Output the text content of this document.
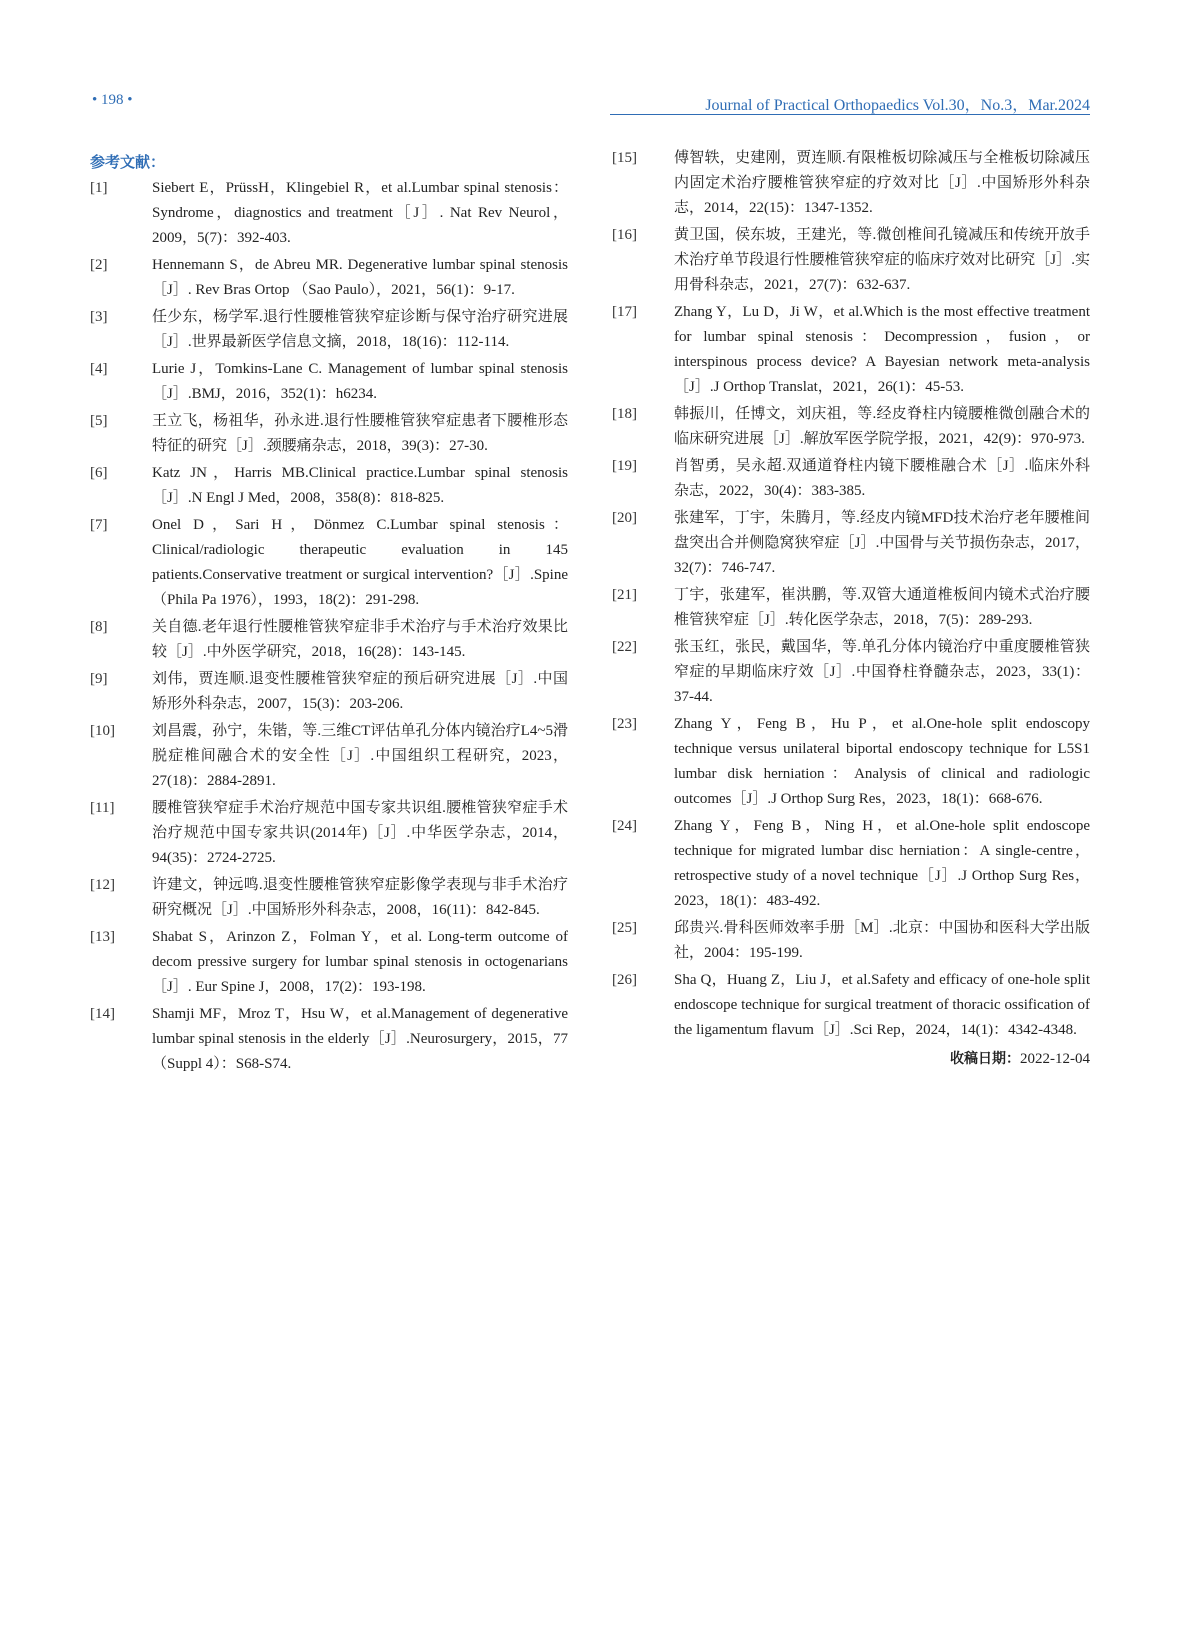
• 198 •	Journal of Practical Orthopaedics Vol.30，No.3，Mar.2024
参考文献：
[1]	Siebert E，PrüssH，Klingebiel R，et al.Lumbar spinal stenosis：Syndrome，diagnostics and treatment［J］. Nat Rev Neurol，2009，5(7)：392-403.
[2]	Hennemann S，de Abreu MR. Degenerative lumbar spinal stenosis［J］. Rev Bras Ortop （Sao Paulo），2021，56(1)：9-17.
[3]	任少东，杨学军.退行性腰椎管狭窄症诊断与保守治疗研究进展［J］.世界最新医学信息文摘，2018，18(16)：112-114.
[4]	Lurie J，Tomkins-Lane C. Management of lumbar spinal stenosis［J］.BMJ，2016，352(1)：h6234.
[5]	王立飞，杨祖华，孙永进.退行性腰椎管狭窄症患者下腰椎形态特征的研究［J］.颈腰痛杂志，2018，39(3)：27-30.
[6]	Katz JN，Harris MB.Clinical practice.Lumbar spinal stenosis［J］.N Engl J Med，2008，358(8)：818-825.
[7]	Onel D，Sari H，Dönmez C.Lumbar spinal stenosis：Clinical/radiologic therapeutic evaluation in 145 patients.Conservative treatment or surgical intervention?［J］.Spine（Phila Pa 1976），1993，18(2)：291-298.
[8]	关自德.老年退行性腰椎管狭窄症非手术治疗与手术治疗效果比较［J］.中外医学研究，2018，16(28)：143-145.
[9]	刘伟，贾连顺.退变性腰椎管狭窄症的预后研究进展［J］.中国矫形外科杂志，2007，15(3)：203-206.
[10]	刘昌震，孙宁，朱锴，等.三维CT评估单孔分体内镜治疗L4~5滑脱症椎间融合术的安全性［J］.中国组织工程研究，2023，27(18)：2884-2891.
[11]	腰椎管狭窄症手术治疗规范中国专家共识组.腰椎管狭窄症手术治疗规范中国专家共识(2014年)［J］.中华医学杂志，2014，94(35)：2724-2725.
[12]	许建文，钟远鸣.退变性腰椎管狭窄症影像学表现与非手术治疗研究概况［J］.中国矫形外科杂志，2008，16(11)：842-845.
[13]	Shabat S，Arinzon Z，Folman Y，et al. Long-term outcome of decom pressive surgery for lumbar spinal stenosis in octogenarians［J］. Eur Spine J，2008，17(2)：193-198.
[14]	Shamji MF，Mroz T，Hsu W，et al.Management of degenerative lumbar spinal stenosis in the elderly［J］.Neurosurgery，2015，77（Suppl 4）：S68-S74.
[15]	傅智轶，史建刚，贾连顺.有限椎板切除减压与全椎板切除减压内固定术治疗腰椎管狭窄症的疗效对比［J］.中国矫形外科杂志，2014，22(15)：1347-1352.
[16]	黄卫国，侯东坡，王建光，等.微创椎间孔镜减压和传统开放手术治疗单节段退行性腰椎管狭窄症的临床疗效对比研究［J］.实用骨科杂志，2021，27(7)：632-637.
[17]	Zhang Y，Lu D，Ji W，et al.Which is the most effective treatment for lumbar spinal stenosis：Decompression，fusion，or interspinous process device? A Bayesian network meta-analysis［J］.J Orthop Translat，2021，26(1)：45-53.
[18]	韩振川，任博文，刘庆祖，等.经皮脊柱内镜腰椎微创融合术的临床研究进展［J］.解放军医学院学报，2021，42(9)：970-973.
[19]	肖智勇，吴永超.双通道脊柱内镜下腰椎融合术［J］.临床外科杂志，2022，30(4)：383-385.
[20]	张建军，丁宇，朱腾月，等.经皮内镜MFD技术治疗老年腰椎间盘突出合并侧隐窝狭窄症［J］.中国骨与关节损伤杂志，2017，32(7)：746-747.
[21]	丁宇，张建军，崔洪鹏，等.双管大通道椎板间内镜术式治疗腰椎管狭窄症［J］.转化医学杂志，2018，7(5)：289-293.
[22]	张玉红，张民，戴国华，等.单孔分体内镜治疗中重度腰椎管狭窄症的早期临床疗效［J］.中国脊柱脊髓杂志，2023，33(1)：37-44.
[23]	Zhang Y，Feng B，Hu P，et al.One-hole split endoscopy technique versus unilateral biportal endoscopy technique for L5S1 lumbar disk herniation：Analysis of clinical and radiologic outcomes［J］.J Orthop Surg Res，2023，18(1)：668-676.
[24]	Zhang Y，Feng B，Ning H，et al.One-hole split endoscope technique for migrated lumbar disc herniation：A single-centre，retrospective study of a novel technique［J］.J Orthop Surg Res，2023，18(1)：483-492.
[25]	邱贵兴.骨科医师效率手册［M］.北京：中国协和医科大学出版社，2004：195-199.
[26]	Sha Q，Huang Z，Liu J，et al.Safety and efficacy of one-hole split endoscope technique for surgical treatment of thoracic ossification of the ligamentum flavum［J］.Sci Rep，2024，14(1)：4342-4348.
收稿日期：2022-12-04
